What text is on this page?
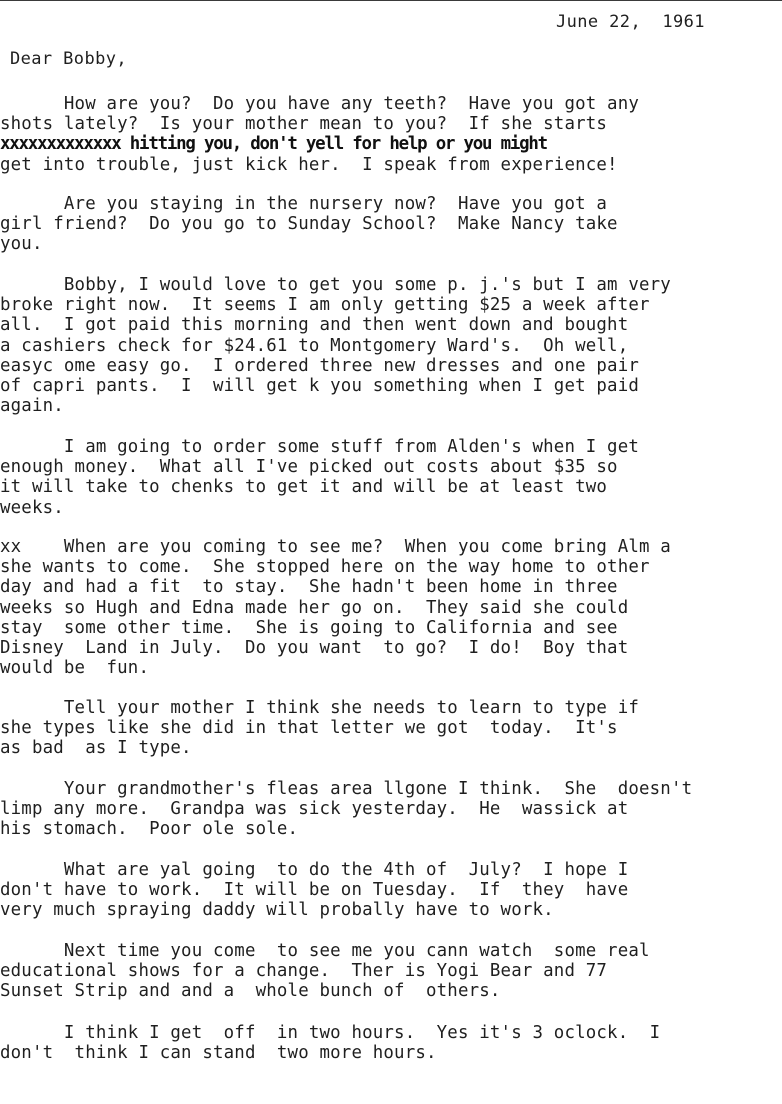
June 22,  1961
Dear Bobby,
How are you?  Do you have any teeth?  Have you got any
shots lately?  Is your mother mean to you?  If she starts
xxxxxxxxxxxxx hitting you, don't yell for help or you might
get into trouble, just kick her.  I speak from experience!
Are you staying in the nursery now?  Have you got a
girl friend?  Do you go to Sunday School?  Make Nancy take
you.
Bobby, I would love to get you some p. j.'s but I am very
broke right now.  It seems I am only getting $25 a week after
all.  I got paid this morning and then went down and bought
a cashiers check for $24.61 to Montgomery Ward's.  Oh well,
easyc ome easy go.  I ordered three new dresses and one pair
of capri pants.  I  will get k you something when I get paid
again.
I am going to order some stuff from Alden's when I get
enough money.  What all I've picked out costs about $35 so
it will take to chenks to get it and will be at least two
weeks.
xx    When are you coming to see me?  When you come bring Alm a
she wants to come.  She stopped here on the way home to other
day and had a fit  to stay.  She hadn't been home in three
weeks so Hugh and Edna made her go on.  They said she could
stay  some other time.  She is going to California and see
Disney  Land in July.  Do you want  to go?  I do!  Boy that
would be  fun.
Tell your mother I think she needs to learn to type if
she types like she did in that letter we got  today.  It's
as bad  as I type.
Your grandmother's fleas area llgone I think.  She  doesn't
limp any more.  Grandpa was sick yesterday.  He  wassick at
his stomach.  Poor ole sole.
What are yal going  to do the 4th of  July?  I hope I
don't have to work.  It will be on Tuesday.  If  they  have
very much spraying daddy will probally have to work.
Next time you come  to see me you cann watch  some real
educational shows for a change.  Ther is Yogi Bear and 77
Sunset Strip and and a  whole bunch of  others.
I think I get  off  in two hours.  Yes it's 3 oclock.  I
don't  think I can stand  two more hours.
